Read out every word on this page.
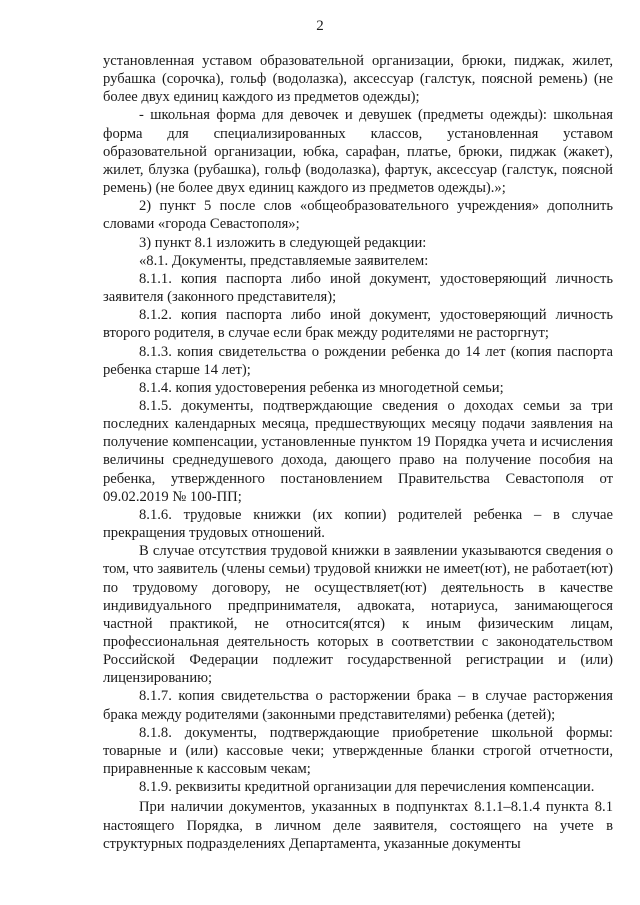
2

установленная уставом образовательной организации, брюки, пиджак, жилет, рубашка (сорочка), гольф (водолазка), аксессуар (галстук, поясной ремень) (не более двух единиц каждого из предметов одежды);

- школьная форма для девочек и девушек (предметы одежды): школьная форма для специализированных классов, установленная уставом образовательной организации, юбка, сарафан, платье, брюки, пиджак (жакет), жилет, блузка (рубашка), гольф (водолазка), фартук, аксессуар (галстук, поясной ремень) (не более двух единиц каждого из предметов одежды).»;

2) пункт 5 после слов «общеобразовательного учреждения» дополнить словами «города Севастополя»;

3) пункт 8.1 изложить в следующей редакции:

«8.1. Документы, представляемые заявителем:

8.1.1. копия паспорта либо иной документ, удостоверяющий личность заявителя (законного представителя);

8.1.2. копия паспорта либо иной документ, удостоверяющий личность второго родителя, в случае если брак между родителями не расторгнут;

8.1.3. копия свидетельства о рождении ребенка до 14 лет (копия паспорта ребенка старше 14 лет);

8.1.4. копия удостоверения ребенка из многодетной семьи;

8.1.5. документы, подтверждающие сведения о доходах семьи за три последних календарных месяца, предшествующих месяцу подачи заявления на получение компенсации, установленные пунктом 19 Порядка учета и исчисления величины среднедушевого дохода, дающего право на получение пособия на ребенка, утвержденного постановлением Правительства Севастополя от 09.02.2019 № 100-ПП;

8.1.6. трудовые книжки (их копии) родителей ребенка – в случае прекращения трудовых отношений.

В случае отсутствия трудовой книжки в заявлении указываются сведения о том, что заявитель (члены семьи) трудовой книжки не имеет(ют), не работает(ют) по трудовому договору, не осуществляет(ют) деятельность в качестве индивидуального предпринимателя, адвоката, нотариуса, занимающегося частной практикой, не относится(ятся) к иным физическим лицам, профессиональная деятельность которых в соответствии с законодательством Российской Федерации подлежит государственной регистрации и (или) лицензированию;

8.1.7. копия свидетельства о расторжении брака – в случае расторжения брака между родителями (законными представителями) ребенка (детей);

8.1.8. документы, подтверждающие приобретение школьной формы: товарные и (или) кассовые чеки; утвержденные бланки строгой отчетности, приравненные к кассовым чекам;

8.1.9. реквизиты кредитной организации для перечисления компенсации.

При наличии документов, указанных в подпунктах 8.1.1–8.1.4 пункта 8.1 настоящего Порядка, в личном деле заявителя, состоящего на учете в структурных подразделениях Департамента, указанные документы
